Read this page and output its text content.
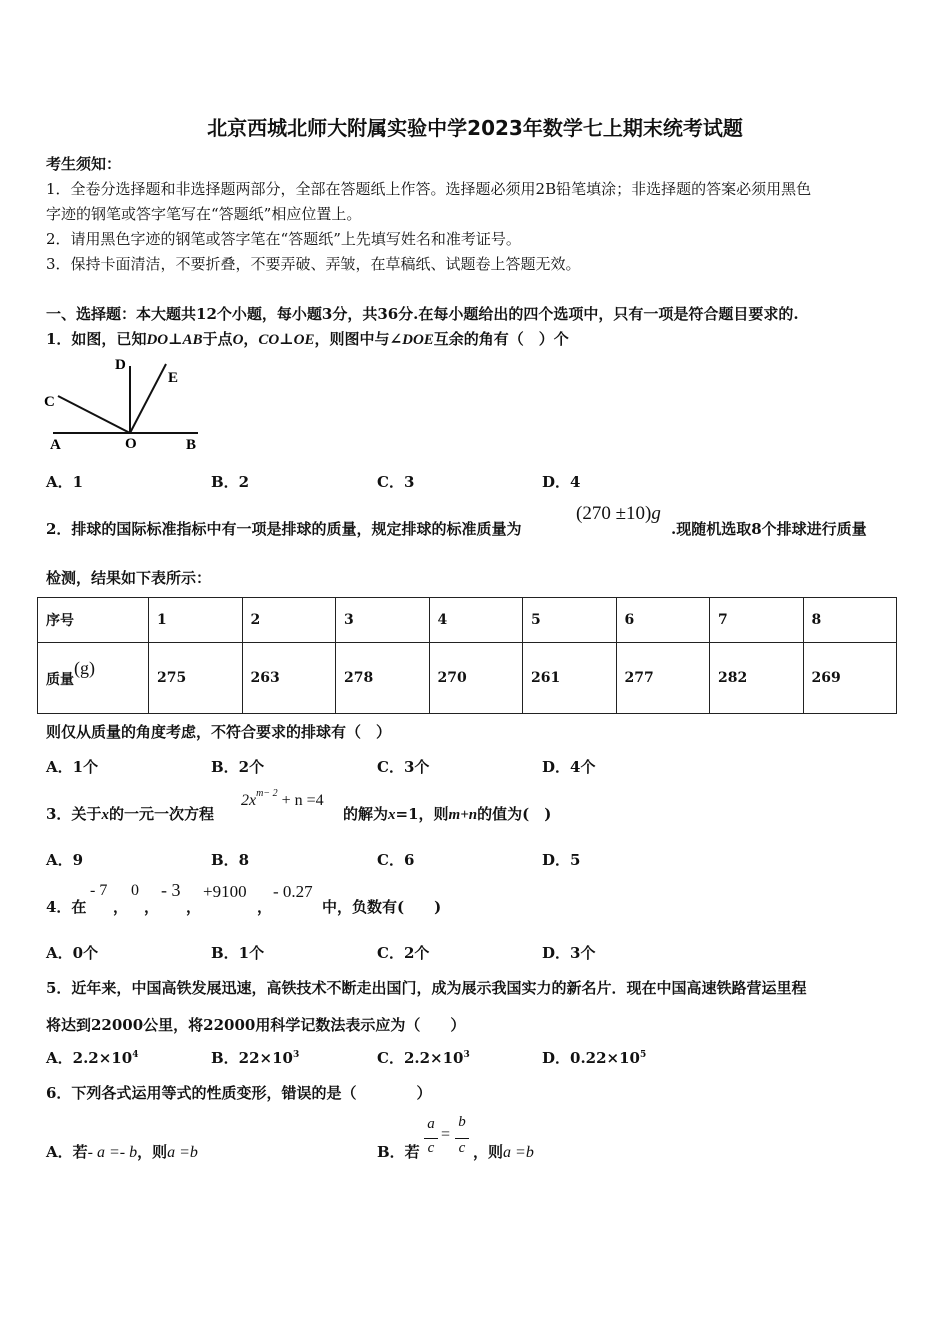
北京西城北师大附属实验中学2023年数学七上期末统考试题
考生须知：
1．全卷分选择题和非选择题两部分，全部在答题纸上作答。选择题必须用2B铅笔填涂；非选择题的答案必须用黑色
字迹的钢笔或答字笔写在“答题纸”相应位置上。
2．请用黑色字迹的钢笔或答字笔在“答题纸”上先填写姓名和准考证号。
3．保持卡面清洁，不要折叠，不要弄破、弄皱，在草稿纸、试题卷上答题无效。
一、选择题：本大题共12个小题，每小题3分，共36分.在每小题给出的四个选项中，只有一项是符合题目要求的.
1．如图，已知DO⊥AB于点O，CO⊥OE，则图中与∠DOE互余的角有（　）个
D
E
C
A	O	B
A．1	B．2	C．3	D．4
2．排球的国际标准指标中有一项是排球的质量，规定排球的标准质量为
(270 ±10)g
.现随机选取8个排球进行质量
检测，结果如下表所示：
序号	1	2	3	4	5	6	7	8
质量(g)	275	263	278	270	261	277	282	269
则仅从质量的角度考虑，不符合要求的排球有（　）
A．1个	B．2个	C．3个	D．4个
3．关于x的一元一次方程
$2x^{m- 2} + n =4$
的解为x=1，则m+n的值为(　)
A．9	B．8	C．6	D．5
4．在
- 7
，
0
，
- 3
，
+9100
，
- 0.27
中，负数有(　　)
A．0个	B．1个	C．2个	D．3个
5．近年来，中国高铁发展迅速，高铁技术不断走出国门，成为展示我国实力的新名片．现在中国高速铁路营运里程
将达到22000公里，将22000用科学记数法表示应为（　　）
A．$2.2\times 10^4$	B．$22\times 10^3$	C．$2.2\times 10^3$	D．$0.22\times 10^5$
6．下列各式运用等式的性质变形，错误的是（　　　　）
A．若- a =- b，则a =b	B．若
a
c
=
b
c ，则a =b
